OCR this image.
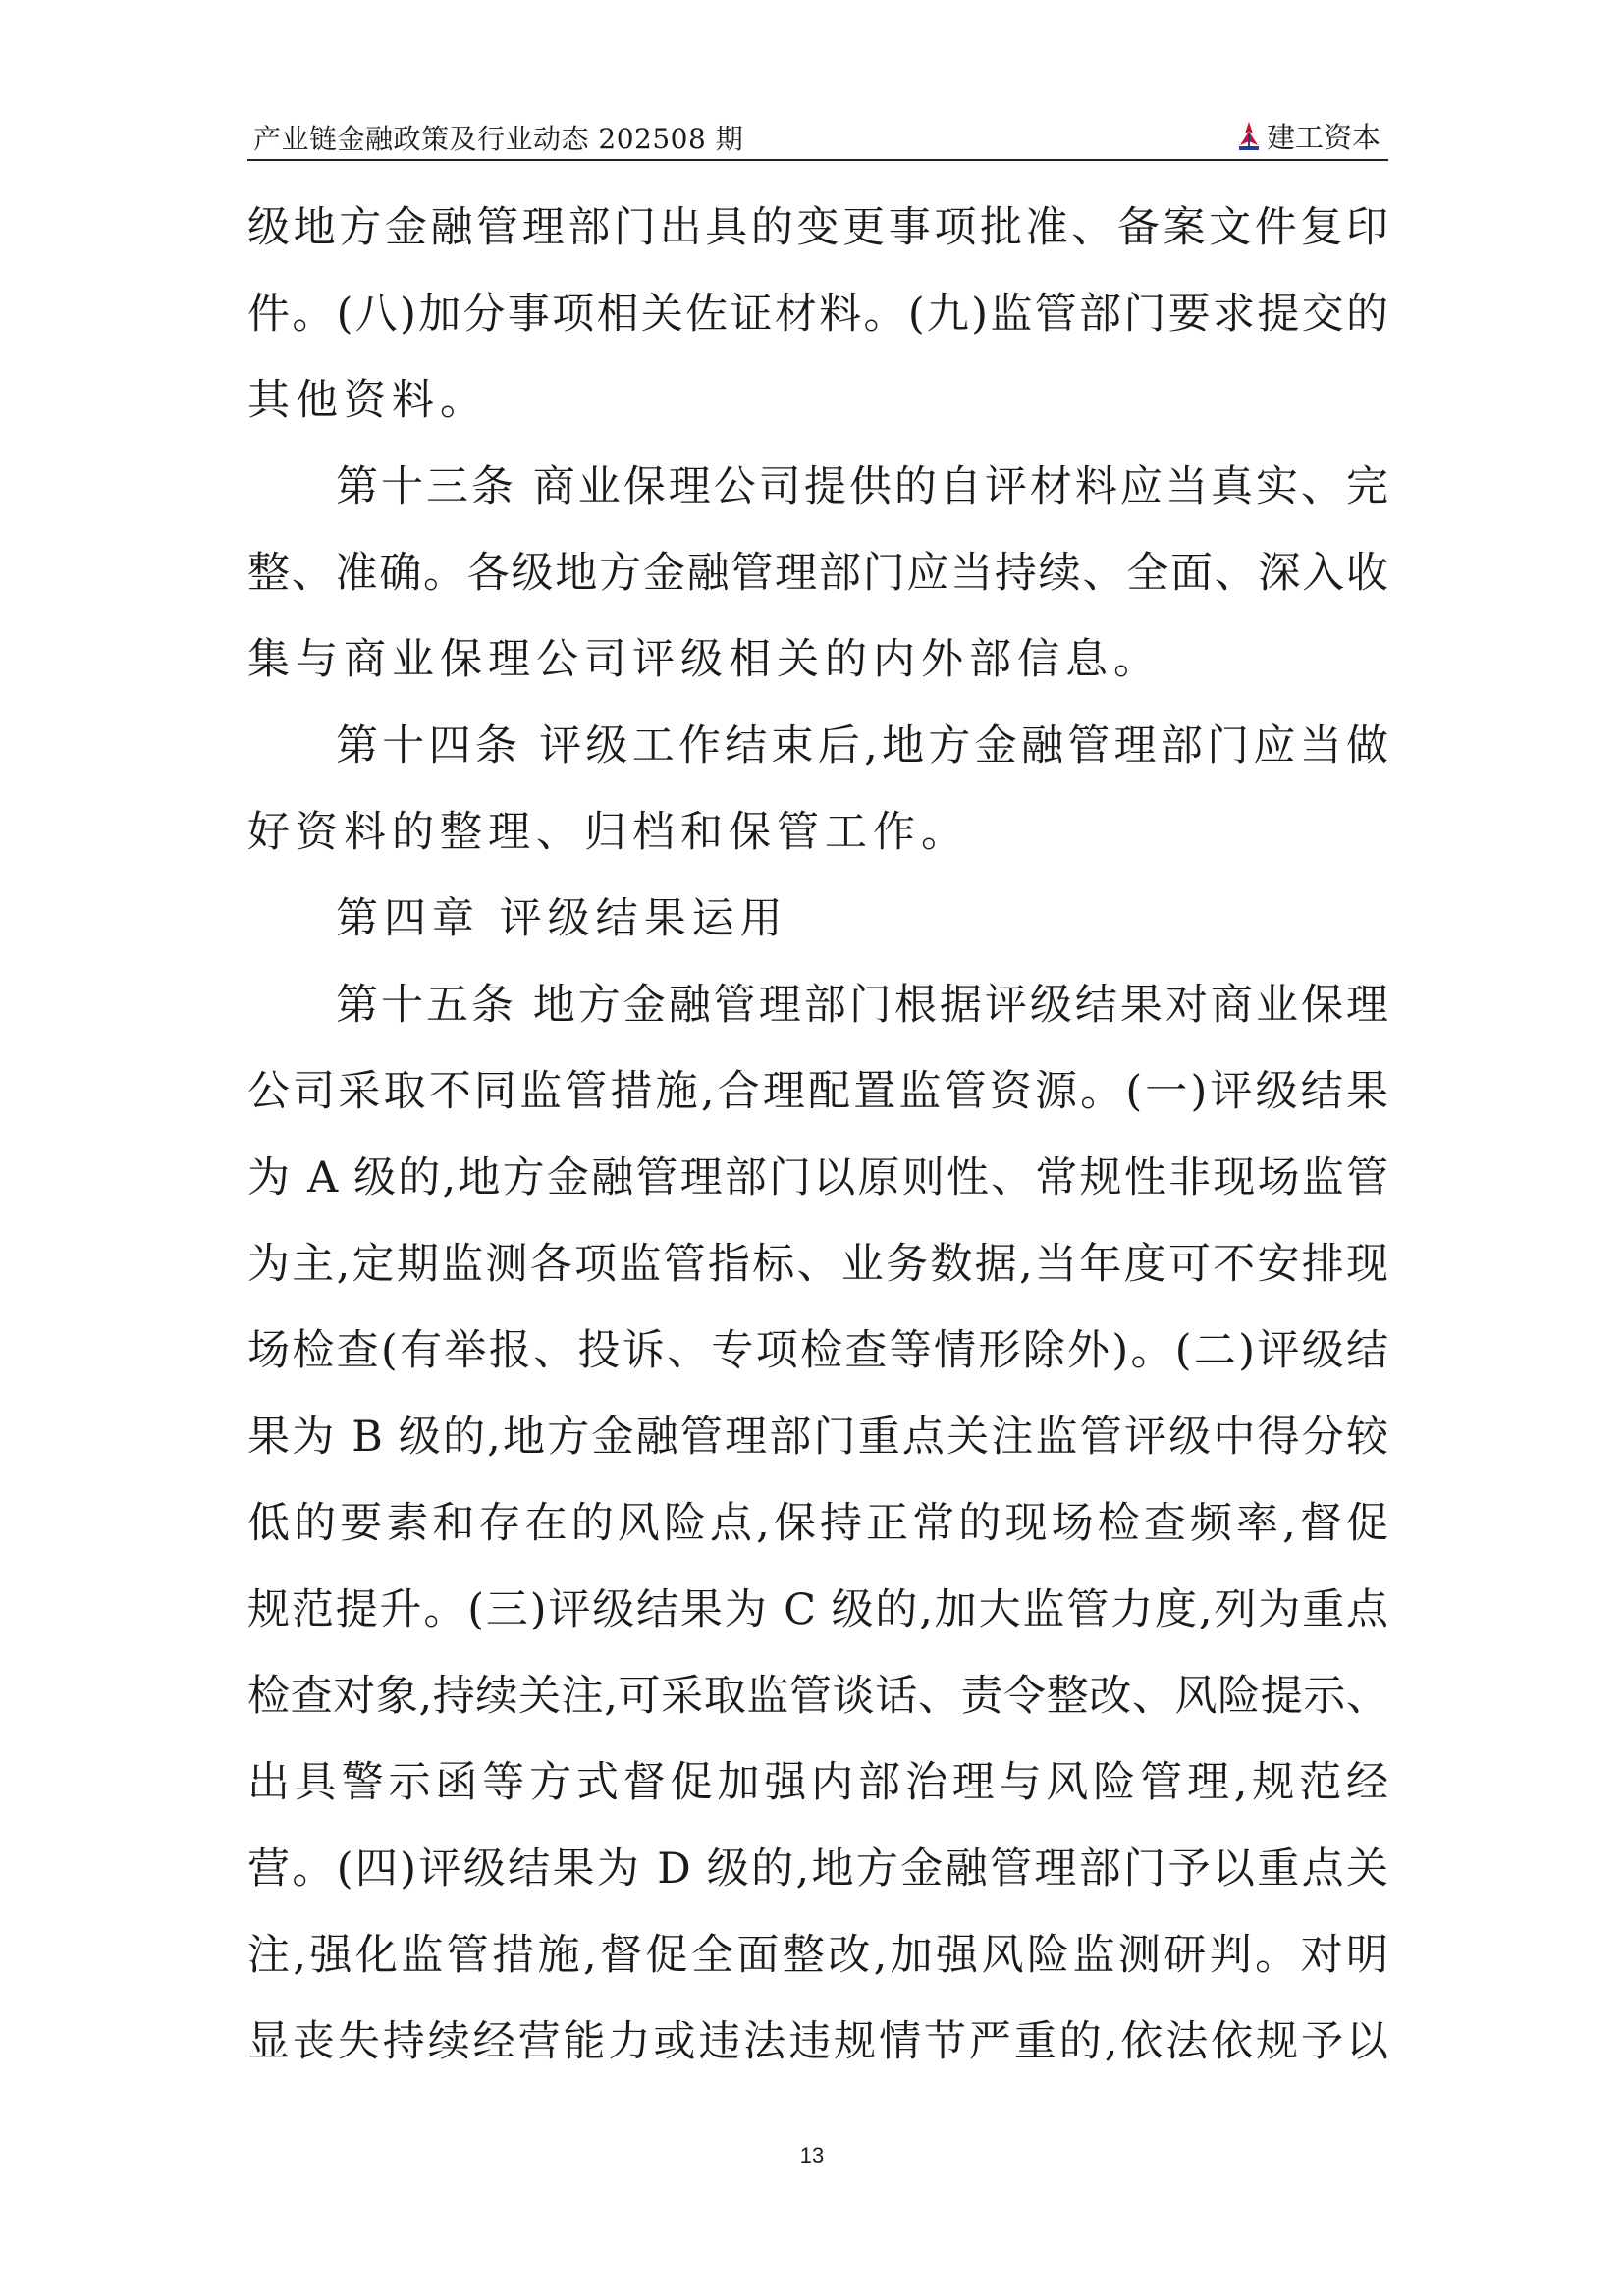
产业链金融政策及行业动态 202508 期	建工资本
级地方金融管理部门出具的变更事项批准、备案文件复印
件。(八)加分事项相关佐证材料。(九)监管部门要求提交的
其他资料。
第十三条 商业保理公司提供的自评材料应当真实、完
整、准确。各级地方金融管理部门应当持续、全面、深入收
集与商业保理公司评级相关的内外部信息。
第十四条 评级工作结束后,地方金融管理部门应当做
好资料的整理、归档和保管工作。
第四章 评级结果运用
第十五条 地方金融管理部门根据评级结果对商业保理
公司采取不同监管措施,合理配置监管资源。(一)评级结果
为 A 级的,地方金融管理部门以原则性、常规性非现场监管
为主,定期监测各项监管指标、业务数据,当年度可不安排现
场检查(有举报、投诉、专项检查等情形除外)。(二)评级结
果为 B 级的,地方金融管理部门重点关注监管评级中得分较
低的要素和存在的风险点,保持正常的现场检查频率,督促
规范提升。(三)评级结果为 C 级的,加大监管力度,列为重点
检查对象,持续关注,可采取监管谈话、责令整改、风险提示、
出具警示函等方式督促加强内部治理与风险管理,规范经
营。(四)评级结果为 D 级的,地方金融管理部门予以重点关
注,强化监管措施,督促全面整改,加强风险监测研判。对明
显丧失持续经营能力或违法违规情节严重的,依法依规予以
13
